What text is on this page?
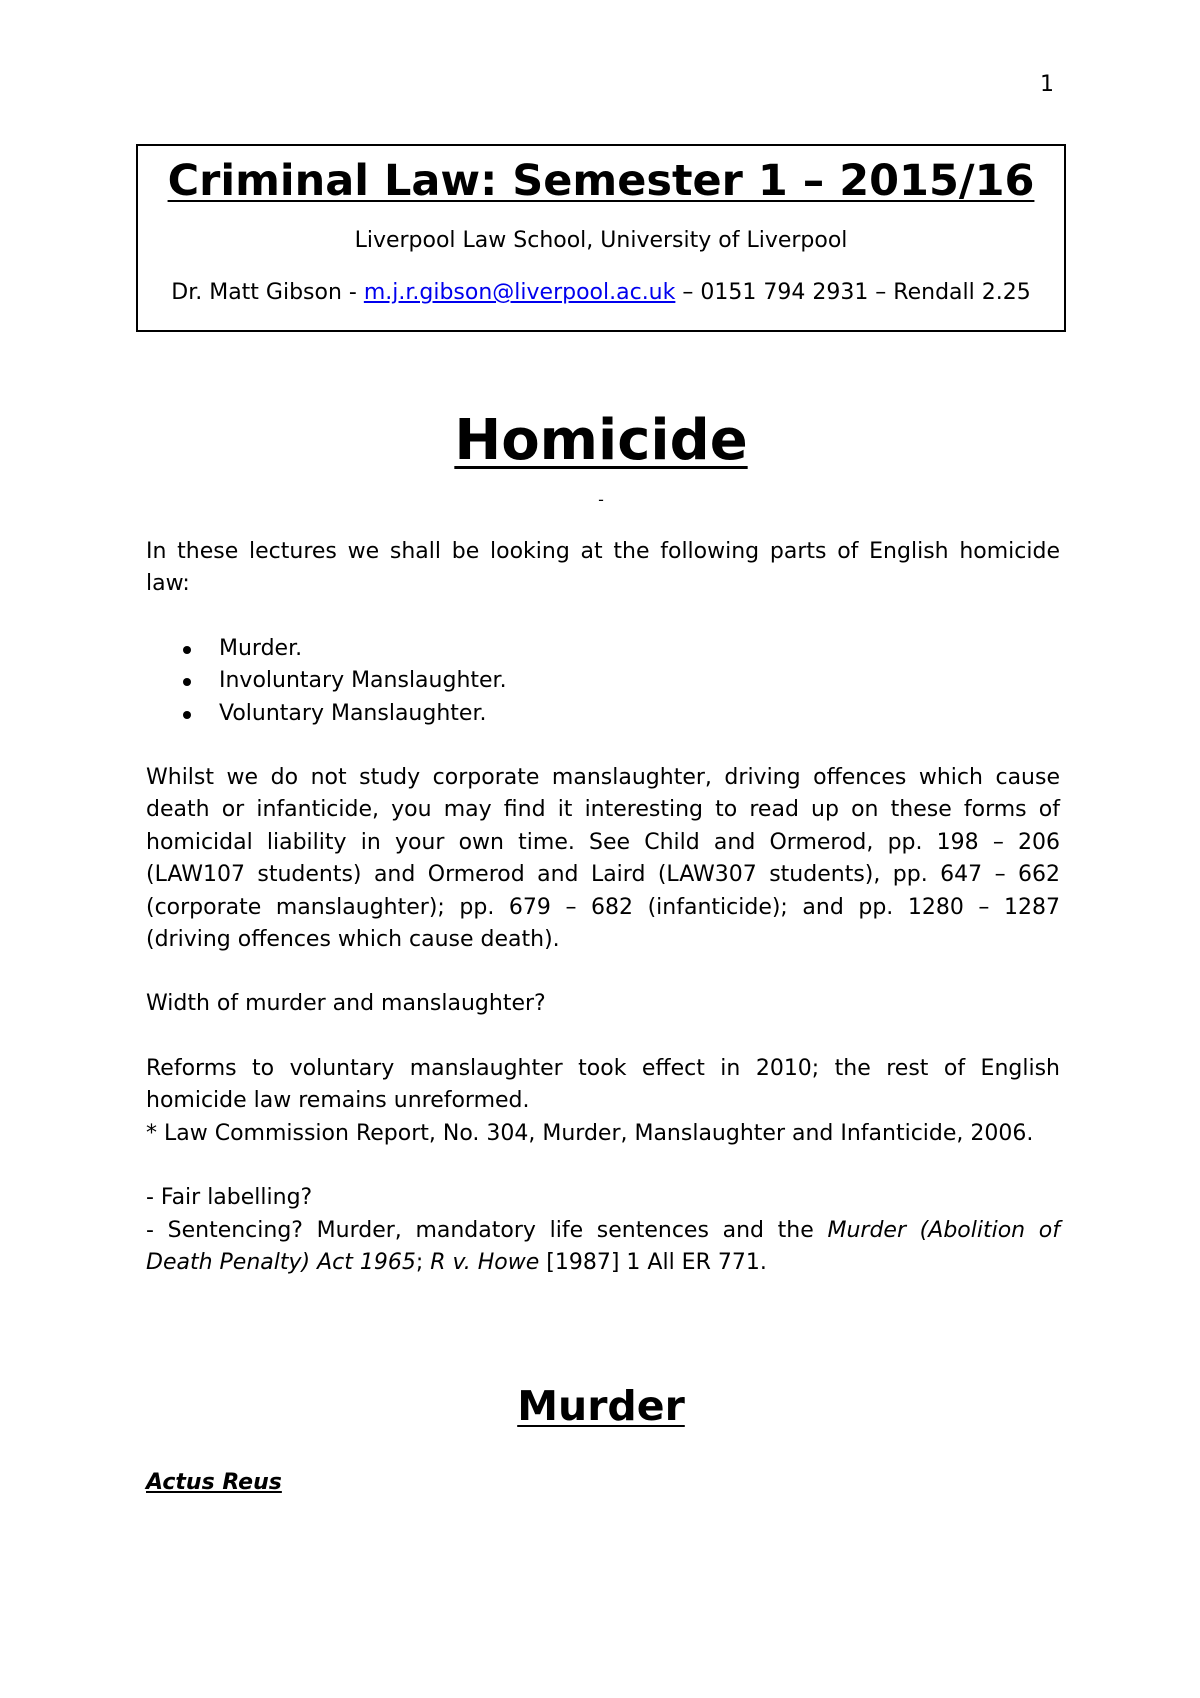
1
Criminal Law: Semester 1 – 2015/16
Liverpool Law School, University of Liverpool
Dr. Matt Gibson - m.j.r.gibson@liverpool.ac.uk – 0151 794 2931 – Rendall 2.25
Homicide
-

In these lectures we shall be looking at the following parts of English homicide law:

Murder.
Involuntary Manslaughter.
Voluntary Manslaughter.

Whilst we do not study corporate manslaughter, driving offences which cause death or infanticide, you may find it interesting to read up on these forms of homicidal liability in your own time. See Child and Ormerod, pp. 198 – 206 (LAW107 students) and Ormerod and Laird (LAW307 students), pp. 647 – 662 (corporate manslaughter); pp. 679 – 682 (infanticide); and pp. 1280 – 1287 (driving offences which cause death).

Width of murder and manslaughter?

Reforms to voluntary manslaughter took effect in 2010; the rest of English homicide law remains unreformed.

* Law Commission Report, No. 304, Murder, Manslaughter and Infanticide, 2006.

- Fair labelling?

- Sentencing? Murder, mandatory life sentences and the Murder (Abolition of Death Penalty) Act 1965; R v. Howe [1987] 1 All ER 771.

Murder
Actus Reus
